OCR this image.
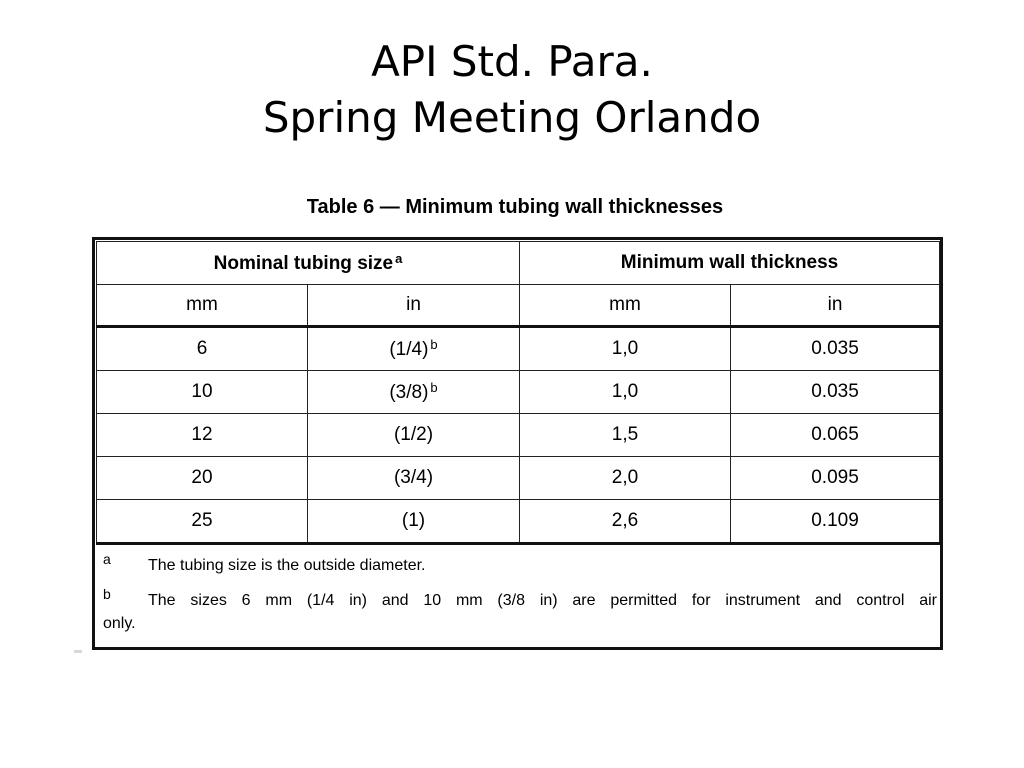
API Std. Para.
Spring Meeting Orlando
Table 6 — Minimum tubing wall thicknesses
Nominal tubing size $^a$		Minimum wall thickness	
mm	in	mm	in
6	(1/4) $^b$	1,0	0.035
10	(3/8) $^b$	1,0	0.035
12	(1/2)	1,5	0.065
20	(3/4)	2,0	0.095
25	(1)	2,6	0.109
a The tubing size is the outside diameter.
b The sizes 6 mm (1/4 in) and 10 mm (3/8 in) are permitted for instrument and control air
only.
